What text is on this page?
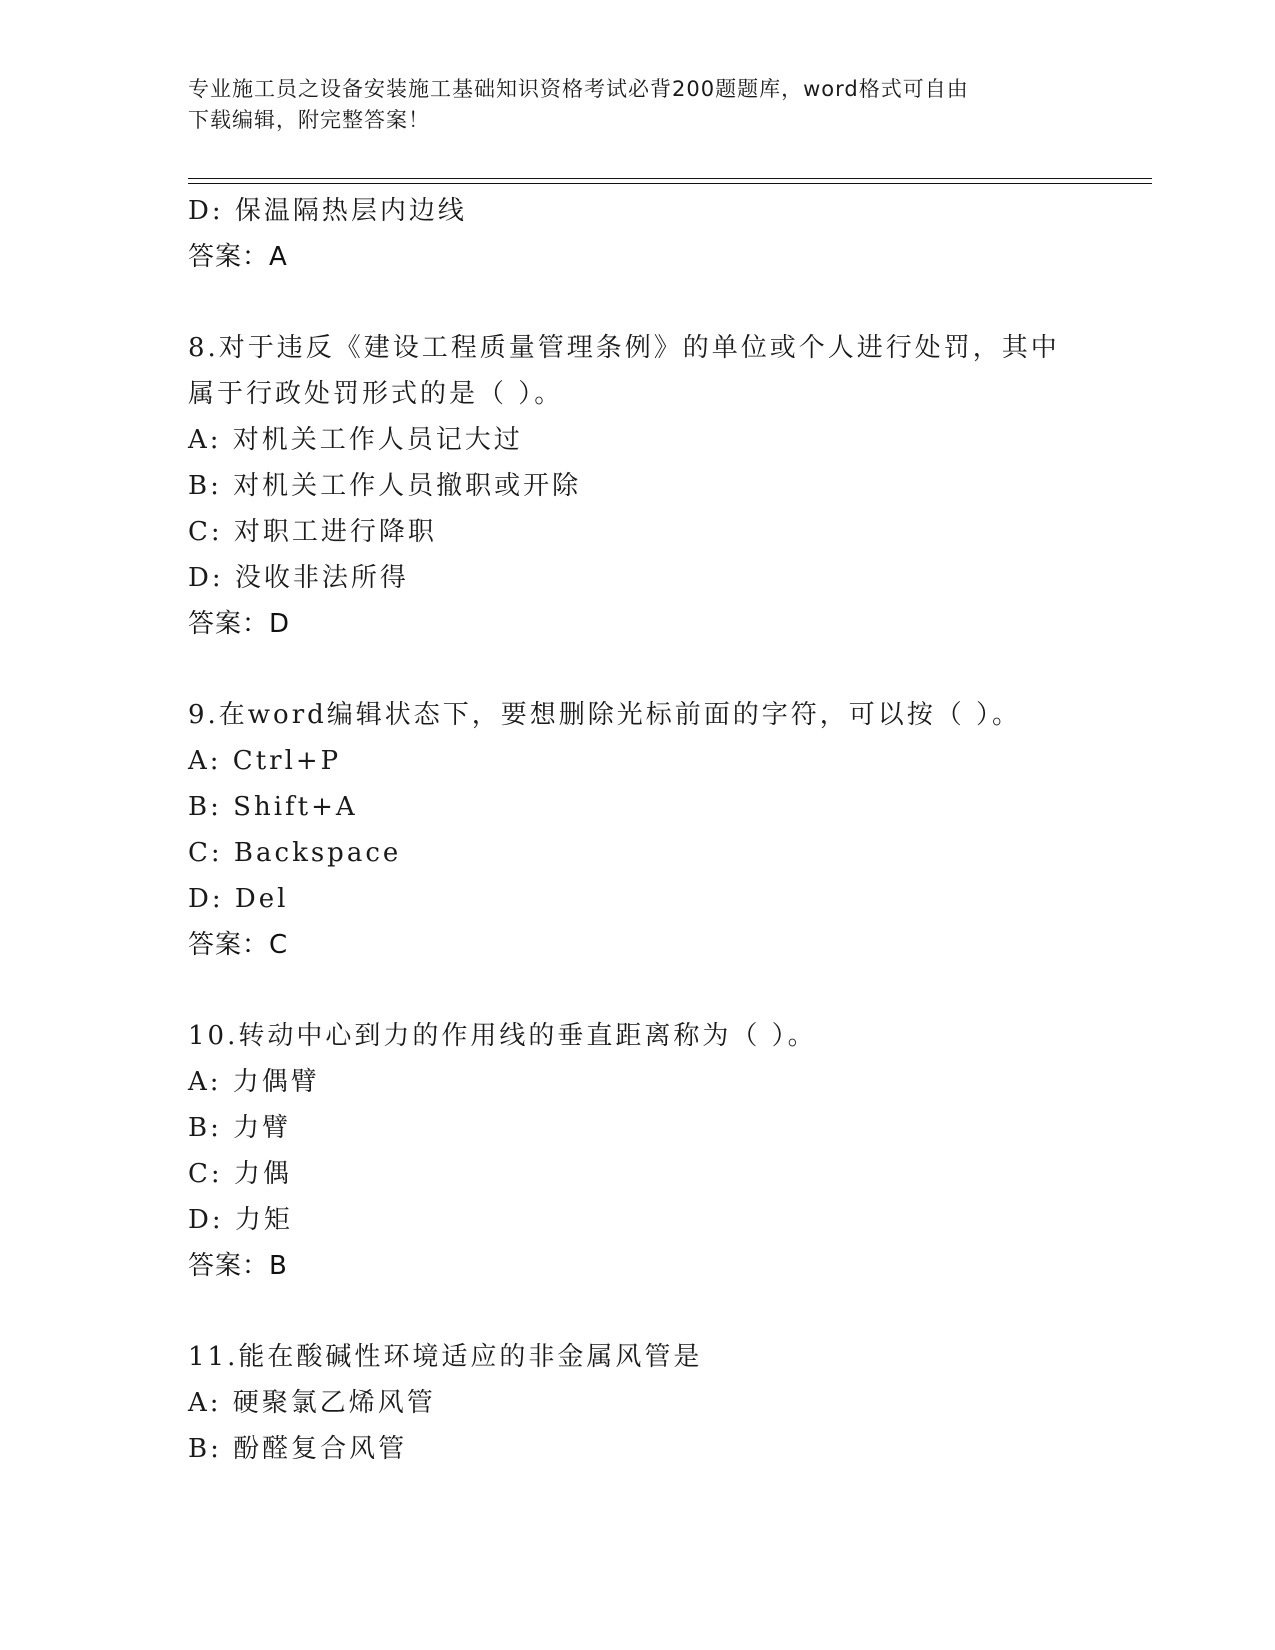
专业施工员之设备安装施工基础知识资格考试必背200题题库，word格式可自由
下载编辑，附完整答案！
D: 保温隔热层内边线
答案：A
8.对于违反《建设工程质量管理条例》的单位或个人进行处罚，其中
属于行政处罚形式的是（ ）。
A: 对机关工作人员记大过
B: 对机关工作人员撤职或开除
C: 对职工进行降职
D: 没收非法所得
答案：D
9.在word编辑状态下，要想删除光标前面的字符，可以按（ ）。
A: Ctrl+P
B: Shift+A
C: Backspace
D: Del
答案：C
10.转动中心到力的作用线的垂直距离称为（ ）。
A: 力偶臂
B: 力臂
C: 力偶
D: 力矩
答案：B
11.能在酸碱性环境适应的非金属风管是
A: 硬聚氯乙烯风管
B: 酚醛复合风管
